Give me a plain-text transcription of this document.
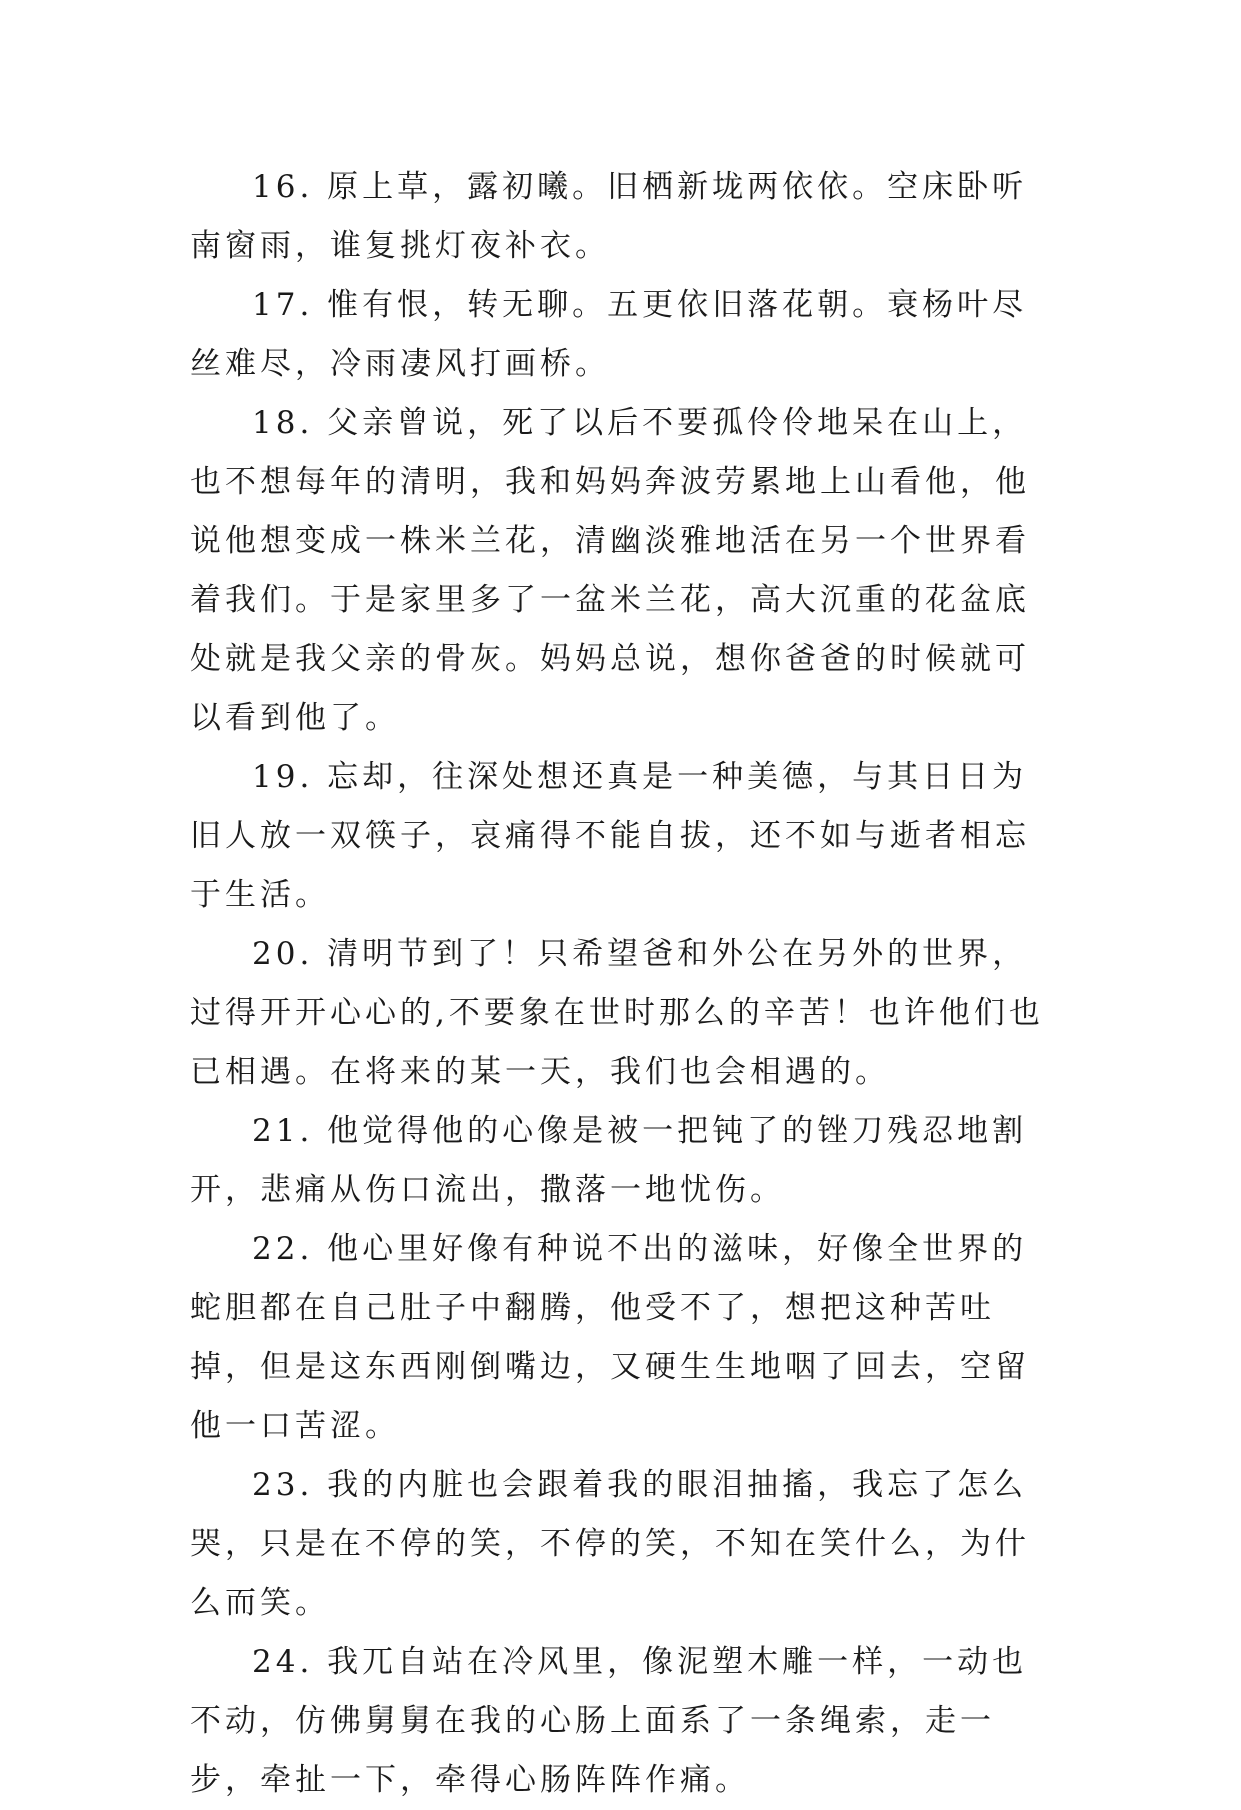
16. 原上草，露初曦。旧栖新垅两依依。空床卧听南窗雨，谁复挑灯夜补衣。

17. 惟有恨，转无聊。五更依旧落花朝。衰杨叶尽丝难尽，冷雨凄风打画桥。

18. 父亲曾说，死了以后不要孤伶伶地呆在山上，也不想每年的清明，我和妈妈奔波劳累地上山看他，他说他想变成一株米兰花，清幽淡雅地活在另一个世界看着我们。于是家里多了一盆米兰花，高大沉重的花盆底处就是我父亲的骨灰。妈妈总说，想你爸爸的时候就可以看到他了。

19. 忘却，往深处想还真是一种美德，与其日日为旧人放一双筷子，哀痛得不能自拔，还不如与逝者相忘于生活。

20. 清明节到了！只希望爸和外公在另外的世界，过得开开心心的,不要象在世时那么的辛苦！也许他们也已相遇。在将来的某一天，我们也会相遇的。

21. 他觉得他的心像是被一把钝了的锉刀残忍地割开，悲痛从伤口流出，撒落一地忧伤。

22. 他心里好像有种说不出的滋味，好像全世界的蛇胆都在自己肚子中翻腾，他受不了，想把这种苦吐掉，但是这东西刚倒嘴边，又硬生生地咽了回去，空留他一口苦涩。

23. 我的内脏也会跟着我的眼泪抽搐，我忘了怎么哭，只是在不停的笑，不停的笑，不知在笑什么，为什么而笑。

24. 我兀自站在冷风里，像泥塑木雕一样，一动也不动，仿佛舅舅在我的心肠上面系了一条绳索，走一步，牵扯一下，牵得心肠阵阵作痛。
